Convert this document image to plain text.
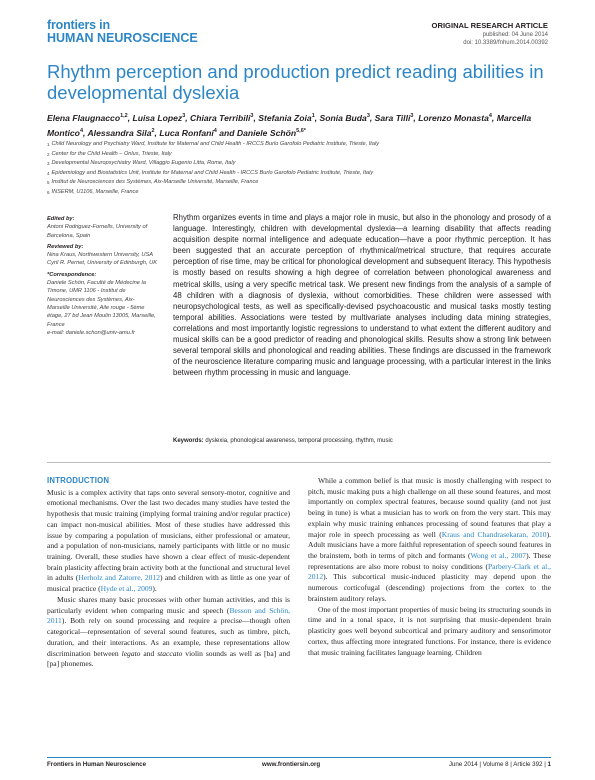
frontiers in
HUMAN NEUROSCIENCE
ORIGINAL RESEARCH ARTICLE
published: 04 June 2014
doi: 10.3389/fnhum.2014.00392
Rhythm perception and production predict reading abilities in developmental dyslexia
Elena Flaugnacco$^{1,2}$, Luisa Lopez$^3$, Chiara Terribili$^3$, Stefania Zoia$^1$, Sonia Buda$^3$, Sara Tilli$^3$, Lorenzo Monasta$^4$, Marcella Montico$^4$, Alessandra Sila$^2$, Luca Ronfani$^4$ and Daniele Schön$^{5,6*}$
$^1$ Child Neurology and Psychiatry Ward, Institute for Maternal and Child Health - IRCCS Burlo Garofolo Pediatric Institute, Trieste, Italy
$^2$ Center for the Child Health – Onlus, Trieste, Italy
$^3$ Developmental Neuropsychiatry Ward, Villaggio Eugenio Litta, Rome, Italy
$^4$ Epidemiology and Biostatistics Unit, Institute for Maternal and Child Health - IRCCS Burlo Garofolo Pediatric Institute, Trieste, Italy
$^5$ Institut de Neurosciences des Systèmes, Aix-Marseille Université, Marseille, France
$^6$ INSERM, U1106, Marseille, France
Edited by:
Antoni Rodriguez-Fornells, University of Barcelona, Spain
Reviewed by:
Nina Kraus, Northwestern University, USA
Cyril R. Pernet, University of Edinburgh, UK
*Correspondence:
Daniele Schön, Faculté de Médecine la Timone, UMR 1106 - Institut de Neurosciences des Systèmes, Aix-Marseille Université, Aile rouge - 5ème étage, 27 bd Jean Moulin 13005, Marseille, France
e-mail: daniele.schon@univ-amu.fr
Rhythm organizes events in time and plays a major role in music, but also in the phonology and prosody of a language. Interestingly, children with developmental dyslexia—a learning disability that affects reading acquisition despite normal intelligence and adequate education—have a poor rhythmic perception. It has been suggested that an accurate perception of rhythmical/metrical structure, that requires accurate perception of rise time, may be critical for phonological development and subsequent literacy. This hypothesis is mostly based on results showing a high degree of correlation between phonological awareness and metrical skills, using a very specific metrical task. We present new findings from the analysis of a sample of 48 children with a diagnosis of dyslexia, without comorbidities. These children were assessed with neuropsychological tests, as well as specifically-devised psychoacoustic and musical tasks mostly testing temporal abilities. Associations were tested by multivariate analyses including data mining strategies, correlations and most importantly logistic regressions to understand to what extent the different auditory and musical skills can be a good predictor of reading and phonological skills. Results show a strong link between several temporal skills and phonological and reading abilities. These findings are discussed in the framework of the neuroscience literature comparing music and language processing, with a particular interest in the links between rhythm processing in music and language.
Keywords: dyslexia, phonological awareness, temporal processing, rhythm, music
INTRODUCTION

Music is a complex activity that taps onto several sensory-motor, cognitive and emotional mechanisms. Over the last two decades many studies have tested the hypothesis that music training (implying formal training and/or regular practice) can impact non-musical abilities. Most of these studies have addressed this issue by comparing a population of musicians, either professional or amateur, and a population of non-musicians, namely participants with little or no music training. Overall, these studies have shown a clear effect of music-dependent brain plasticity affecting brain activity both at the functional and structural level in adults (Herholz and Zatorre, 2012) and children with as little as one year of musical practice (Hyde et al., 2009).

Music shares many basic processes with other human activities, and this is particularly evident when comparing music and speech (Besson and Schön, 2011). Both rely on sound processing and require a precise—though often categorical—representation of several sound features, such as timbre, pitch, duration, and their interactions. As an example, these representations allow discrimination between legato and staccato violin sounds as well as [ba] and [pa] phonemes.

While a common belief is that music is mostly challenging with respect to pitch, music making puts a high challenge on all these sound features, and most importantly on complex spectral features, because sound quality (and not just being in tune) is what a musician has to work on from the very start. This may explain why music training enhances processing of sound features that play a major role in speech processing as well (Kraus and Chandrasekaran, 2010). Adult musicians have a more faithful representation of speech sound features in the brainstem, both in terms of pitch and formants (Wong et al., 2007). These representations are also more robust to noisy conditions (Parbery-Clark et al., 2012). This subcortical music-induced plasticity may depend upon the numerous corticofugal (descending) projections from the cortex to the brainstem auditory relays.

One of the most important properties of music being its structuring sounds in time and in a tonal space, it is not surprising that music-dependent brain plasticity goes well beyond subcortical and primary auditory and sensorimotor cortex, thus affecting more integrated functions. For instance, there is evidence that music training facilitates language learning. Children

Frontiers in Human Neuroscience	www.frontiersin.org	June 2014 | Volume 8 | Article 392 | 1
